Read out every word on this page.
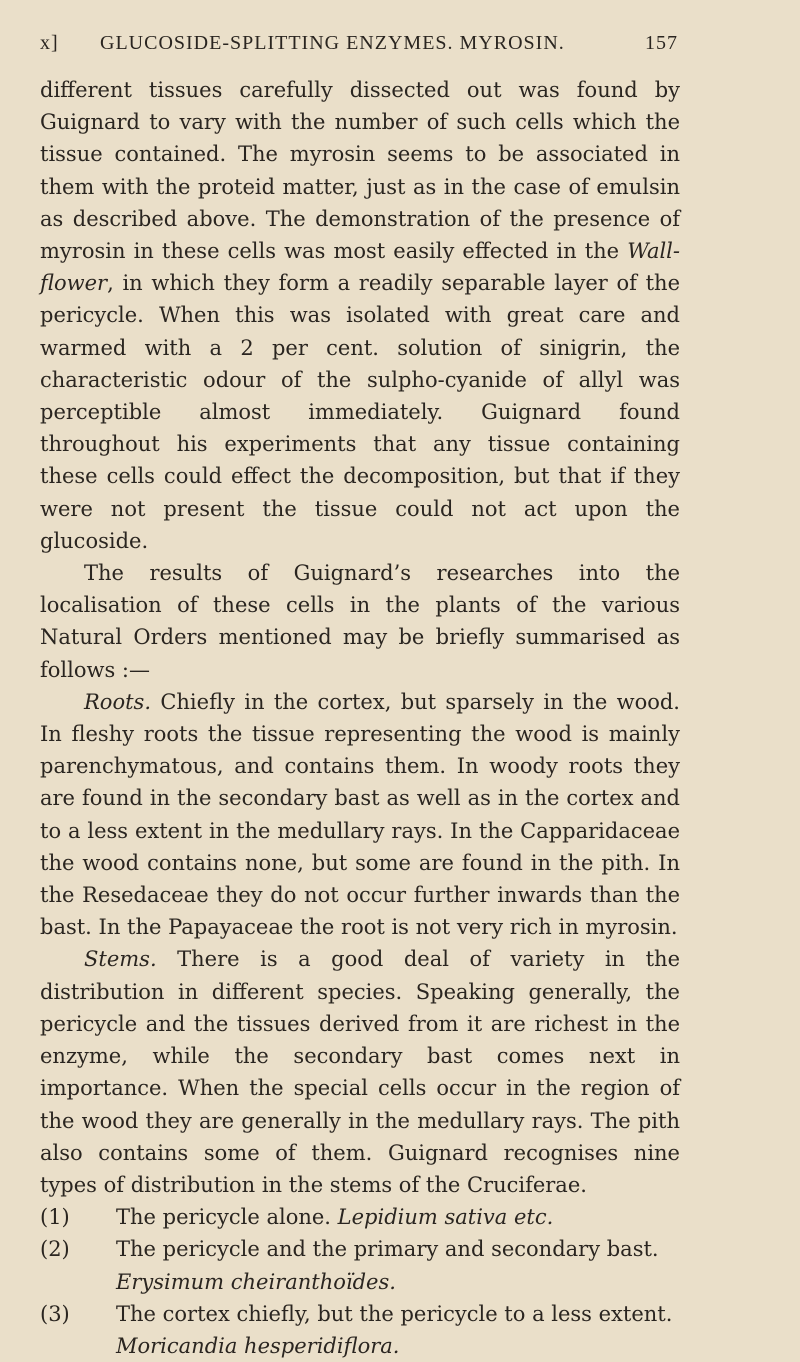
x] GLUCOSIDE-SPLITTING ENZYMES. MYROSIN.	157

different tissues carefully dissected out was found by Guignard to vary with the number of such cells which the tissue contained. The myrosin seems to be associated in them with the proteid matter, just as in the case of emulsin as described above. The demonstration of the presence of myrosin in these cells was most easily effected in the Wall-flower, in which they form a readily separable layer of the pericycle. When this was isolated with great care and warmed with a 2 per cent. solution of sinigrin, the characteristic odour of the sulpho-cyanide of allyl was perceptible almost immediately. Guignard found throughout his experiments that any tissue containing these cells could effect the decomposition, but that if they were not present the tissue could not act upon the glucoside.

The results of Guignard’s researches into the localisation of these cells in the plants of the various Natural Orders mentioned may be briefly summarised as follows :—

Roots. Chiefly in the cortex, but sparsely in the wood. In fleshy roots the tissue representing the wood is mainly parenchymatous, and contains them. In woody roots they are found in the secondary bast as well as in the cortex and to a less extent in the medullary rays. In the Capparidaceae the wood contains none, but some are found in the pith. In the Resedaceae they do not occur further inwards than the bast. In the Papayaceae the root is not very rich in myrosin.

Stems. There is a good deal of variety in the distribution in different species. Speaking generally, the pericycle and the tissues derived from it are richest in the enzyme, while the secondary bast comes next in importance. When the special cells occur in the region of the wood they are generally in the medullary rays. The pith also contains some of them. Guignard recognises nine types of distribution in the stems of the Cruciferae.

(1)	The pericycle alone. Lepidium sativa etc.
(2)	The pericycle and the primary and secondary bast.
Erysimum cheiranthoïdes.
(3)	The cortex chiefly, but the pericycle to a less extent.
Moricandia hesperidiflora.
